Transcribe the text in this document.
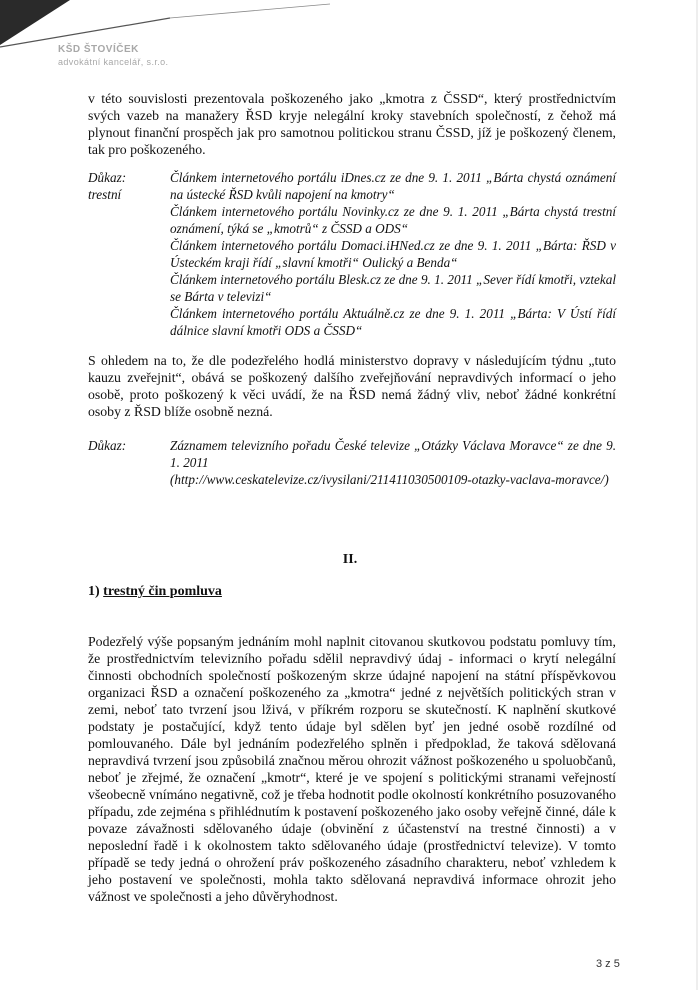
KŠD ŠTOVÍČEK
advokátní kancelář, s.r.o.

v této souvislosti prezentovala poškozeného jako „kmotra z ČSSD“, který prostřednictvím svých vazeb na manažery ŘSD kryje nelegální kroky stavebních společností, z čehož má plynout finanční prospěch jak pro samotnou politickou stranu ČSSD, jíž je poškozený členem, tak pro poškozeného.

Důkaz:
trestní
Článkem internetového portálu iDnes.cz ze dne 9. 1. 2011 „Bárta chystá oznámení na ústecké ŘSD kvůli napojení na kmotry“
Článkem internetového portálu Novinky.cz ze dne 9. 1. 2011 „Bárta chystá trestní oznámení, týká se „kmotrů“ z ČSSD a ODS“
Článkem internetového portálu Domaci.iHNed.cz ze dne 9. 1. 2011 „Bárta: ŘSD v Ústeckém kraji řídí „slavní kmotři“ Oulický a Benda“
Článkem internetového portálu Blesk.cz ze dne 9. 1. 2011 „Sever řídí kmotři, vztekal se Bárta v televizi“
Článkem internetového portálu Aktuálně.cz ze dne 9. 1. 2011 „Bárta: V Ústí řídí dálnice slavní kmotři ODS a ČSSD“

S ohledem na to, že dle podezřelého hodlá ministerstvo dopravy v následujícím týdnu „tuto kauzu zveřejnit“, obává se poškozený dalšího zveřejňování nepravdivých informací o jeho osobě, proto poškozený k věci uvádí, že na ŘSD nemá žádný vliv, neboť žádné konkrétní osoby z ŘSD blíže osobně nezná.

Důkaz:	Záznamem televizního pořadu České televize „Otázky Václava Moravce“ ze dne 9. 1. 2011
(http://www.ceskatelevize.cz/ivysilani/211411030500109-otazky-vaclava-moravce/)
II.
1) trestný čin pomluva

Podezřelý výše popsaným jednáním mohl naplnit citovanou skutkovou podstatu pomluvy tím, že prostřednictvím televizního pořadu sdělil nepravdivý údaj - informaci o krytí nelegální činnosti obchodních společností poškozeným skrze údajné napojení na státní příspěvkovou organizaci ŘSD a označení poškozeného za „kmotra“ jedné z největších politických stran v zemi, neboť tato tvrzení jsou lživá, v příkrém rozporu se skutečností. K naplnění skutkové podstaty je postačující, když tento údaje byl sdělen byť jen jedné osobě rozdílné od pomlouvaného. Dále byl jednáním podezřelého splněn i předpoklad, že taková sdělovaná nepravdivá tvrzení jsou způsobilá značnou měrou ohrozit vážnost poškozeného u spoluobčanů, neboť je zřejmé, že označení „kmotr“, které je ve spojení s politickými stranami veřejností všeobecně vnímáno negativně, což je třeba hodnotit podle okolností konkrétního posuzovaného případu, zde zejména s přihlédnutím k postavení poškozeného jako osoby veřejně činné, dále k povaze závažnosti sdělovaného údaje (obvinění z účastenství na trestné činnosti) a v neposlední řadě i k okolnostem takto sdělovaného údaje (prostřednictví televize). V tomto případě se tedy jedná o ohrožení práv poškozeného zásadního charakteru, neboť vzhledem k jeho postavení ve společnosti, mohla takto sdělovaná nepravdivá informace ohrozit jeho vážnost ve společnosti a jeho důvěryhodnost.

3 z 5
